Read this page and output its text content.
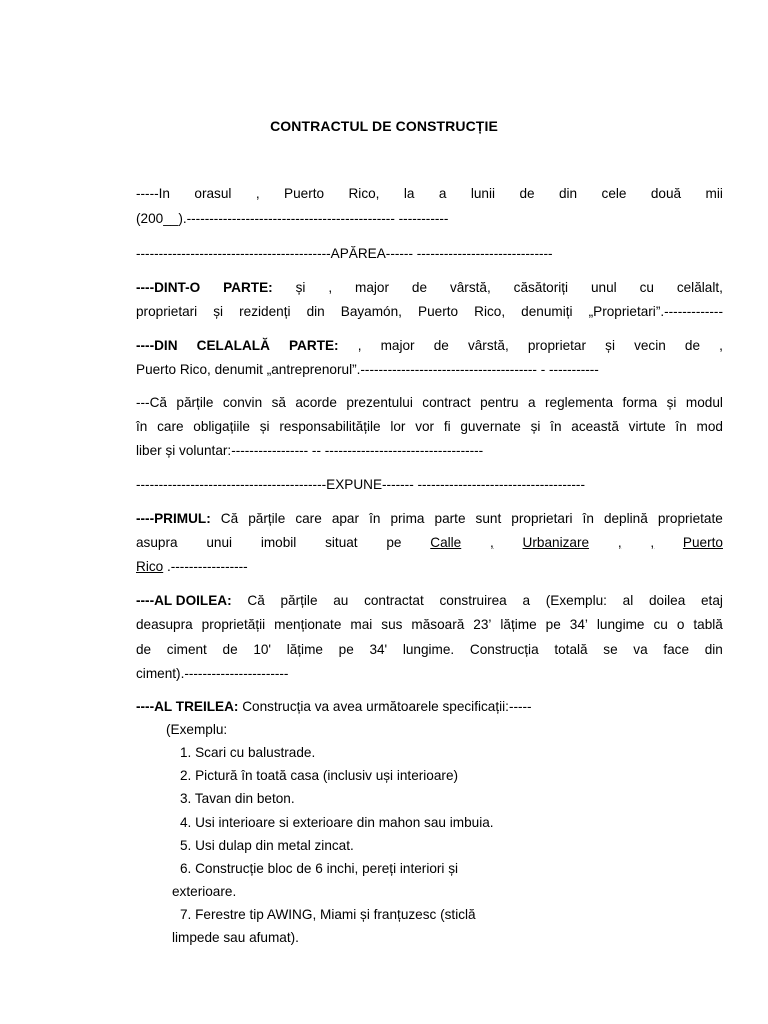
CONTRACTUL DE CONSTRUCȚIE
-----In orasul , Puerto Rico, la a lunii de din cele două mii
(200__).---------------------------------------------- -----------
-------------------------------------------APĂREA------ ------------------------------
----DINT-O PARTE: și , major de vârstă, căsătoriți unul cu celălalt,
proprietari și rezidenți din Bayamón, Puerto Rico, denumiți „Proprietari”.-------------
----DIN CELALALĂ PARTE: , major de vârstă, proprietar și vecin de ,
Puerto Rico, denumit „antreprenorul”.--------------------------------------- - -----------
---Că părțile convin să acorde prezentului contract pentru a reglementa forma și modul
în care obligațiile și responsabilitățile lor vor fi guvernate și în această virtute în mod
liber și voluntar:----------------- -- -----------------------------------
------------------------------------------EXPUNE------- -------------------------------------
----PRIMUL: Că părțile care apar în prima parte sunt proprietari în deplină proprietate
asupra unui imobil situat pe Calle , Urbanizare , , Puerto
Rico .-----------------
----AL DOILEA: Că părțile au contractat construirea a (Exemplu: al doilea etaj
deasupra proprietății menționate mai sus măsoară 23’ lățime pe 34’ lungime cu o tablă
de ciment de 10' lățime pe 34' lungime. Construcția totală se va face din
ciment).-----------------------
----AL TREILEA: Construcția va avea următoarele specificații:-----
(Exemplu:
1. Scari cu balustrade.
2. Pictură în toată casa (inclusiv uși interioare)
3. Tavan din beton.
4. Usi interioare si exterioare din mahon sau imbuia.
5. Usi dulap din metal zincat.
6. Construcție bloc de 6 inchi, pereți interiori și
exterioare.
7. Ferestre tip AWING, Miami și franțuzesc (sticlă
limpede sau afumat).
